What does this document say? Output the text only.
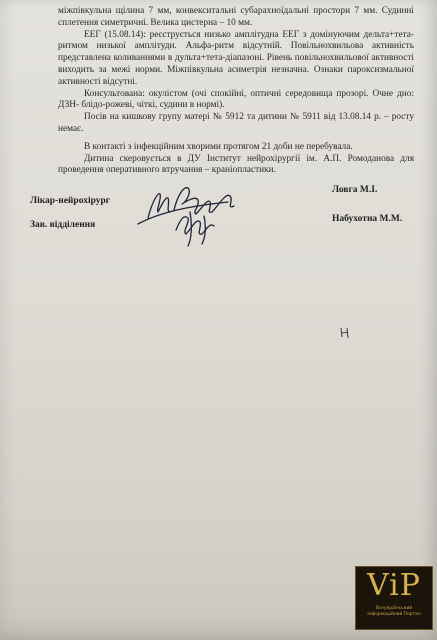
міжпівкульна щілина 7 мм, конвекситальні субарахноїдальні простори 7 мм. Судинні сплетення симетричні. Велика цистерна – 10 мм.

ЕЕГ (15.08.14): реєструється низько амплітудна ЕЕГ з домінуючим дельта+тета-ритмом низької амплітуди. Альфа-ритм відсутній. Повільнохвильова активність представлена коливаннями в дульта+тета-діапазоні. Рівень повільнохвильової активності виходить за межі норми. Міжпівкульна асиметрія незначна. Ознаки пароксизмальної активності відсутні.

Консультована: окулістом (очі спокійні, оптичні середовища прозорі. Очне дно: ДЗН- блідо-рожеві, чіткі, судини в нормі).

Посів на кишкову групу матері № 5912 та дитини № 5911 від 13.08.14 р. – росту немає.

В контакті з інфекційним хворими протягом 21 доби не перебувала.

Дитина скеровується в ДУ Інститут нейрохірургії ім. А.П. Ромоданова для проведення оперативного втручання – краніопластики.

Лікар-нейрохірург
Ловга М.І.
Зав. відділення
Набухотна М.М.
ViP
Всеукраїнський Інформаційний Портал
